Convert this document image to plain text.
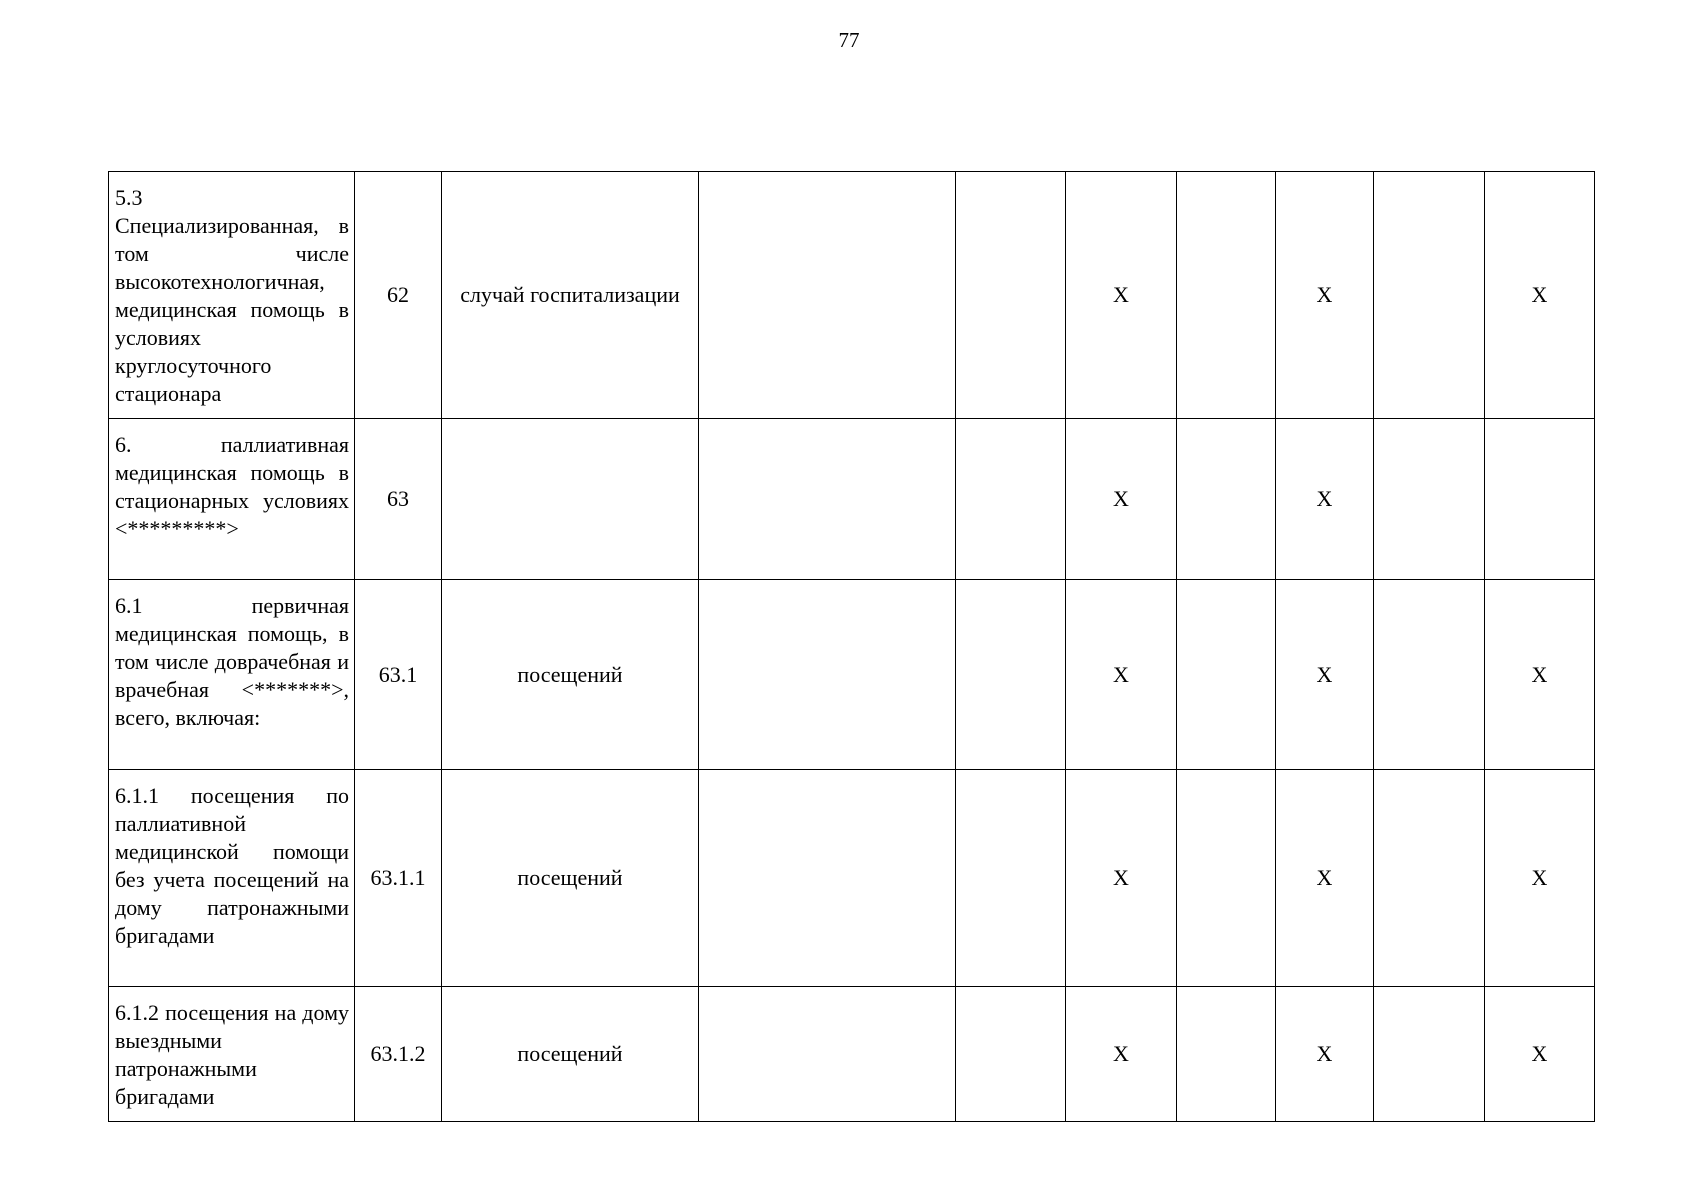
77
5.3 Специализированная, в том числе высокотехнологичная, медицинская помощь в условиях круглосуточного стационара	62	случай госпитализации			X		X		X
6. паллиативная медицинская помощь в стационарных условиях <*********>	63				X		X		
6.1 первичная медицинская помощь, в том числе доврачебная и врачебная <*******>, всего, включая:	63.1	посещений			X		X		X
6.1.1 посещения по паллиативной медицинской помощи без учета посещений на дому патронажными бригадами	63.1.1	посещений			X		X		X
6.1.2 посещения на дому выездными патронажными бригадами	63.1.2	посещений			X		X		X
